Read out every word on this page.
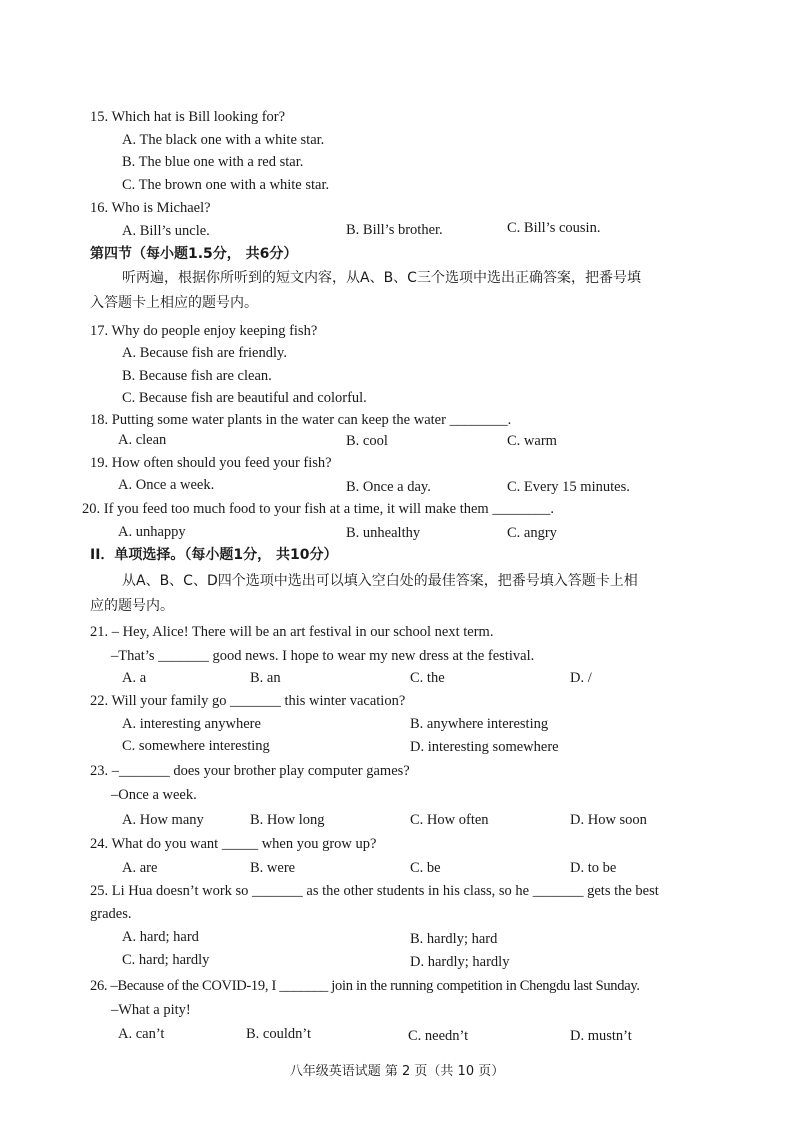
15. Which hat is Bill looking for?
A. The black one with a white star.
B. The blue one with a red star.
C. The brown one with a white star.
16. Who is Michael?
A. Bill’s uncle.	B. Bill’s brother.	C. Bill’s cousin.
第四节（每小题1.5分， 共6分）
听两遍，根据你所听到的短文内容，从A、B、C三个选项中选出正确答案，把番号填
入答题卡上相应的题号内。
17. Why do people enjoy keeping fish?
A. Because fish are friendly.
B. Because fish are clean.
C. Because fish are beautiful and colorful.
18. Putting some water plants in the water can keep the water ________.
A. clean	B. cool	C. warm
19. How often should you feed your fish?
A. Once a week.	B. Once a day.	C. Every 15 minutes.
20. If you feed too much food to your fish at a time, it will make them ________.
A. unhappy	B. unhealthy	C. angry
II．单项选择。（每小题1分， 共10分）
从A、B、C、D四个选项中选出可以填入空白处的最佳答案，把番号填入答题卡上相
应的题号内。
21. – Hey, Alice! There will be an art festival in our school next term.
–That’s _______ good news. I hope to wear my new dress at the festival.
A. a	B. an	C. the	D. /
22. Will your family go _______ this winter vacation?
A. interesting anywhere	B. anywhere interesting
C. somewhere interesting	D. interesting somewhere
23. –_______ does your brother play computer games?
–Once a week.
A. How many	B. How long	C. How often	D. How soon
24. What do you want _____ when you grow up?
A. are	B. were	C. be	D. to be
25. Li Hua doesn’t work so _______ as the other students in his class, so he _______ gets the best
grades.
A. hard; hard	B. hardly; hard
C. hard; hardly	D. hardly; hardly
26. –Because of the COVID-19, I _______ join in the running competition in Chengdu last Sunday.
–What a pity!
A. can’t	B. couldn’t	C. needn’t	D. mustn’t
八年级英语试题 第 2 页（共 10 页）
